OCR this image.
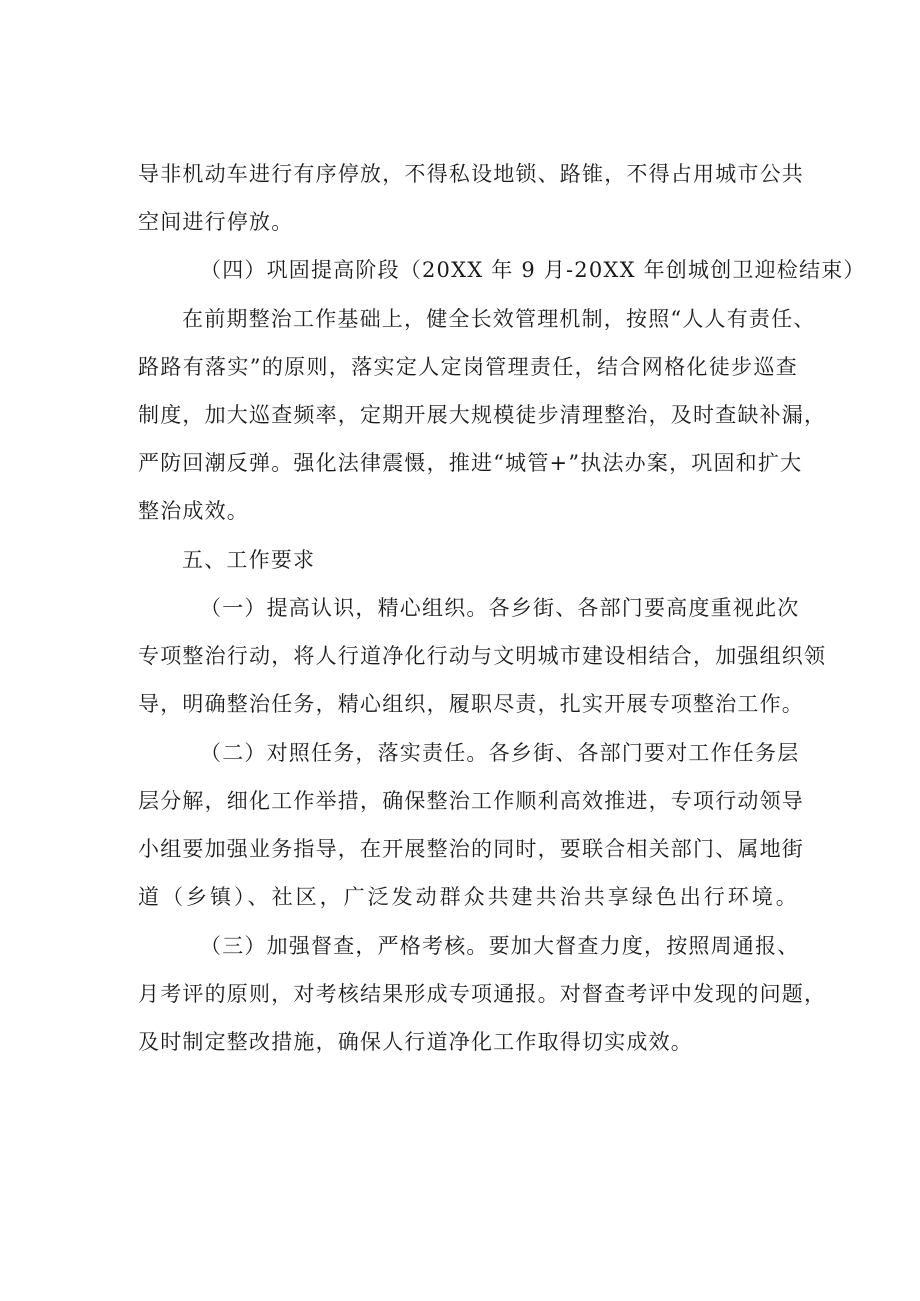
导非机动车进行有序停放，不得私设地锁、路锥，不得占用城市公共
空间进行停放。
（四）巩固提高阶段（20XX 年 9 月-20XX 年创城创卫迎检结束）
在前期整治工作基础上，健全长效管理机制，按照“人人有责任、
路路有落实”的原则，落实定人定岗管理责任，结合网格化徒步巡查
制度，加大巡查频率，定期开展大规模徒步清理整治，及时查缺补漏，
严防回潮反弹。强化法律震慑，推进“城管+”执法办案，巩固和扩大
整治成效。
五、工作要求
（一）提高认识，精心组织。各乡街、各部门要高度重视此次
专项整治行动，将人行道净化行动与文明城市建设相结合，加强组织领
导，明确整治任务，精心组织，履职尽责，扎实开展专项整治工作。
（二）对照任务，落实责任。各乡街、各部门要对工作任务层
层分解，细化工作举措，确保整治工作顺利高效推进，专项行动领导
小组要加强业务指导，在开展整治的同时，要联合相关部门、属地街
道（乡镇）、社区，广泛发动群众共建共治共享绿色出行环境。
（三）加强督查，严格考核。要加大督查力度，按照周通报、
月考评的原则，对考核结果形成专项通报。对督查考评中发现的问题，
及时制定整改措施，确保人行道净化工作取得切实成效。
